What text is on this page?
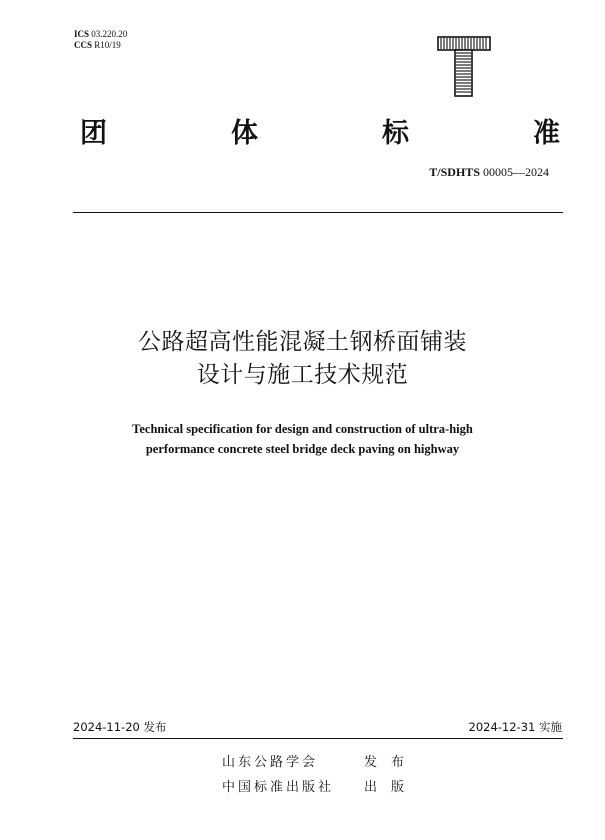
ICS 03.220.20
CCS R10/19
团	体	标	准
T/SDHTS 00005—2024
公路超高性能混凝土钢桥面铺装
设计与施工技术规范
Technical specification for design and construction of ultra-high
performance concrete steel bridge deck paving on highway
2024-11-20 发布	2024-12-31 实施
山东公路学会	发布
中国标准出版社	出版
